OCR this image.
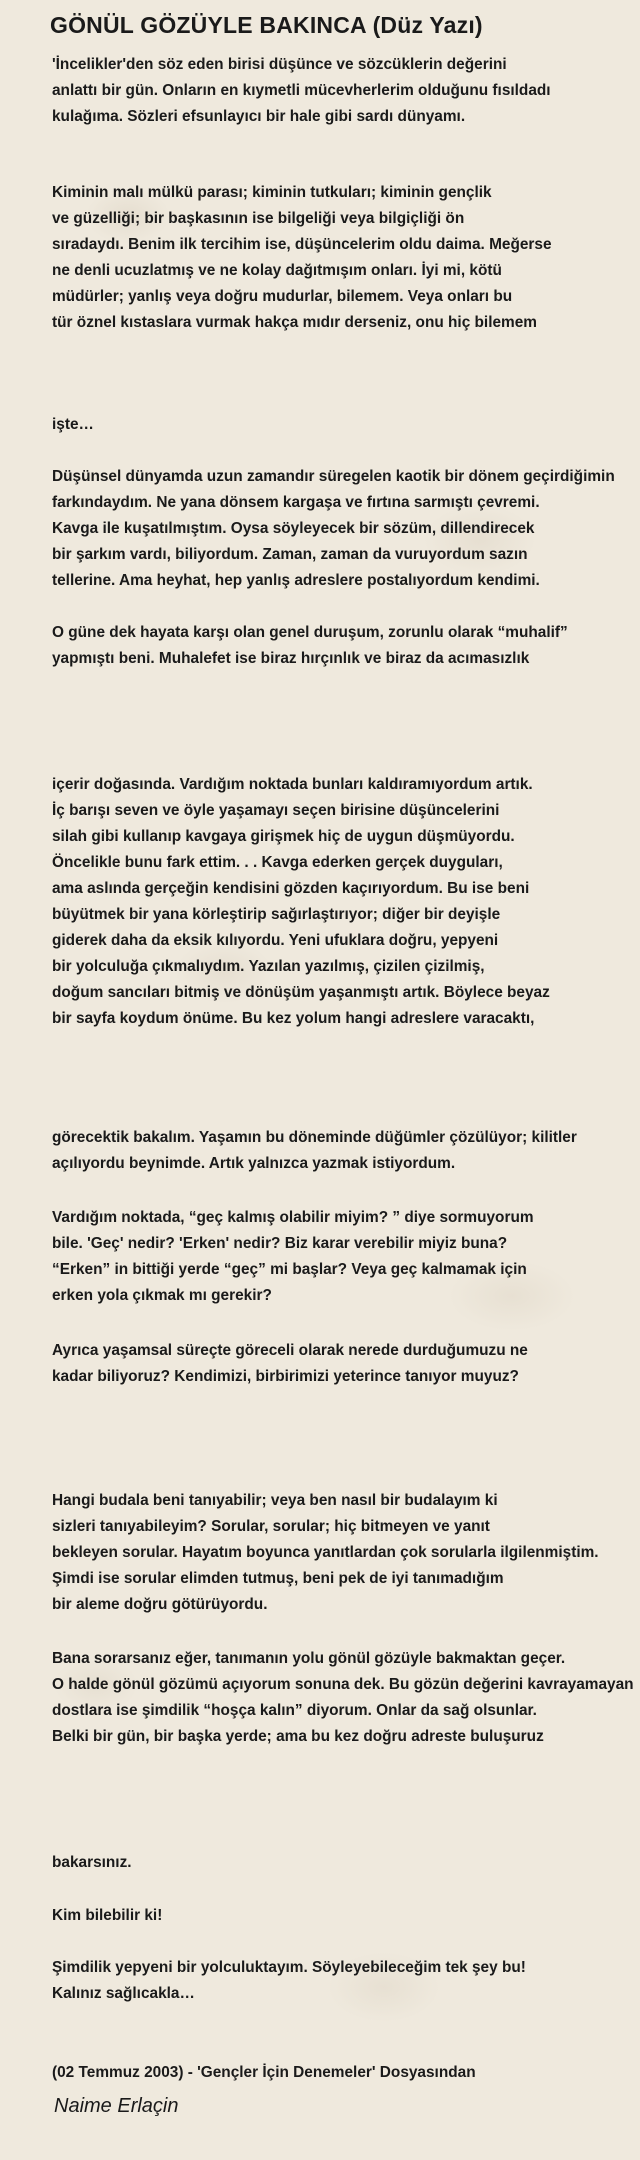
GÖNÜL GÖZÜYLE BAKINCA (Düz Yazı)
'İncelikler'den söz eden birisi düşünce ve sözcüklerin değerini
anlattı bir gün. Onların en kıymetli mücevherlerim olduğunu fısıldadı
kulağıma. Sözleri efsunlayıcı bir hale gibi sardı dünyamı.
Kiminin malı mülkü parası; kiminin tutkuları; kiminin gençlik
ve güzelliği; bir başkasının ise bilgeliği veya bilgiçliği ön
sıradaydı. Benim ilk tercihim ise, düşüncelerim oldu daima. Meğerse
ne denli ucuzlatmış ve ne kolay dağıtmışım onları. İyi mi, kötü
müdürler; yanlış veya doğru mudurlar, bilemem. Veya onları bu
tür öznel kıstaslara vurmak hakça mıdır derseniz, onu hiç bilemem
işte…
Düşünsel dünyamda uzun zamandır süregelen kaotik bir dönem geçirdiğimin
farkındaydım. Ne yana dönsem kargaşa ve fırtına sarmıştı çevremi.
Kavga ile kuşatılmıştım. Oysa söyleyecek bir sözüm, dillendirecek
bir şarkım vardı, biliyordum. Zaman, zaman da vuruyordum sazın
tellerine. Ama heyhat, hep yanlış adreslere postalıyordum kendimi.
O güne dek hayata karşı olan genel duruşum, zorunlu olarak “muhalif”
yapmıştı beni. Muhalefet ise biraz hırçınlık ve biraz da acımasızlık
içerir doğasında. Vardığım noktada bunları kaldıramıyordum artık.
İç barışı seven ve öyle yaşamayı seçen birisine düşüncelerini
silah gibi kullanıp kavgaya girişmek hiç de uygun düşmüyordu.
Öncelikle bunu fark ettim. . . Kavga ederken gerçek duyguları,
ama aslında gerçeğin kendisini gözden kaçırıyordum. Bu ise beni
büyütmek bir yana körleştirip sağırlaştırıyor; diğer bir deyişle
giderek daha da eksik kılıyordu. Yeni ufuklara doğru, yepyeni
bir yolculuğa çıkmalıydım. Yazılan yazılmış, çizilen çizilmiş,
doğum sancıları bitmiş ve dönüşüm yaşanmıştı artık. Böylece beyaz
bir sayfa koydum önüme. Bu kez yolum hangi adreslere varacaktı,
görecektik bakalım. Yaşamın bu döneminde düğümler çözülüyor; kilitler
açılıyordu beynimde. Artık yalnızca yazmak istiyordum.
Vardığım noktada, “geç kalmış olabilir miyim? ” diye sormuyorum
bile. 'Geç' nedir? 'Erken' nedir? Biz karar verebilir miyiz buna?
“Erken” in bittiği yerde “geç” mi başlar? Veya geç kalmamak için
erken yola çıkmak mı gerekir?
Ayrıca yaşamsal süreçte göreceli olarak nerede durduğumuzu ne
kadar biliyoruz? Kendimizi, birbirimizi yeterince tanıyor muyuz?
Hangi budala beni tanıyabilir; veya ben nasıl bir budalayım ki
sizleri tanıyabileyim? Sorular, sorular; hiç bitmeyen ve yanıt
bekleyen sorular. Hayatım boyunca yanıtlardan çok sorularla ilgilenmiştim.
Şimdi ise sorular elimden tutmuş, beni pek de iyi tanımadığım
bir aleme doğru götürüyordu.
Bana sorarsanız eğer, tanımanın yolu gönül gözüyle bakmaktan geçer.
O halde gönül gözümü açıyorum sonuna dek. Bu gözün değerini kavrayamayan
dostlara ise şimdilik “hoşça kalın” diyorum. Onlar da sağ olsunlar.
Belki bir gün, bir başka yerde; ama bu kez doğru adreste buluşuruz
bakarsınız.
Kim bilebilir ki!
Şimdilik yepyeni bir yolculuktayım. Söyleyebileceğim tek şey bu!
Kalınız sağlıcakla…
(02 Temmuz 2003) - 'Gençler İçin Denemeler' Dosyasından
Naime Erlaçin
